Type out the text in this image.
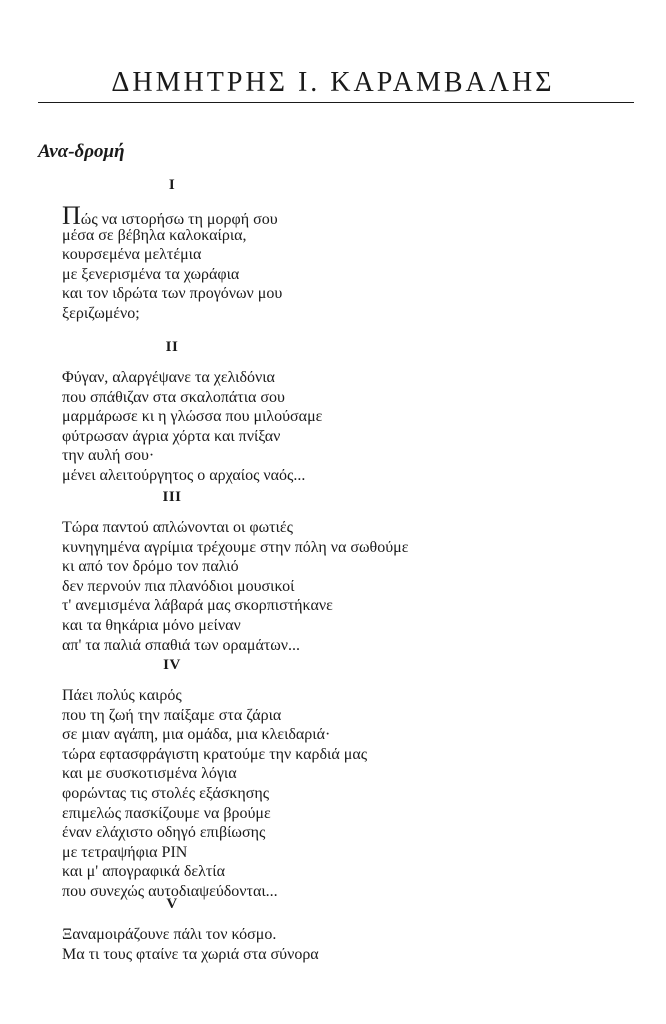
ΔΗΜΗΤΡΗΣ Ι. ΚΑΡΑΜΒΑΛΗΣ
Ανα-δρομή
I
Πώς να ιστορήσω τη μορφή σου
μέσα σε βέβηλα καλοκαίρια,
κουρσεμένα μελτέμια
με ξενερισμένα τα χωράφια
και τον ιδρώτα των προγόνων μου
ξεριζωμένο;
II
Φύγαν, αλαργέψανε τα χελιδόνια
που σπάθιζαν στα σκαλοπάτια σου
μαρμάρωσε κι η γλώσσα που μιλούσαμε
φύτρωσαν άγρια χόρτα και πνίξαν
την αυλή σου·
μένει αλειτούργητος ο αρχαίος ναός...
III
Τώρα παντού απλώνονται οι φωτιές
κυνηγημένα αγρίμια τρέχουμε στην πόλη να σωθούμε
κι από τον δρόμο τον παλιό
δεν περνούν πια πλανόδιοι μουσικοί
τ' ανεμισμένα λάβαρά μας σκορπιστήκανε
και τα θηκάρια μόνο μείναν
απ' τα παλιά σπαθιά των οραμάτων...
IV
Πάει πολύς καιρός
που τη ζωή την παίξαμε στα ζάρια
σε μιαν αγάπη, μια ομάδα, μια κλειδαριά·
τώρα εφτασφράγιστη κρατούμε την καρδιά μας
και με συσκοτισμένα λόγια
φορώντας τις στολές εξάσκησης
επιμελώς πασκίζουμε να βρούμε
έναν ελάχιστο οδηγό επιβίωσης
με τετραψήφια PIN
και μ' απογραφικά δελτία
που συνεχώς αυτοδιαψεύδονται...
V
Ξαναμοιράζουνε πάλι τον κόσμο.
Μα τι τους φταίνε τα χωριά στα σύνορα
